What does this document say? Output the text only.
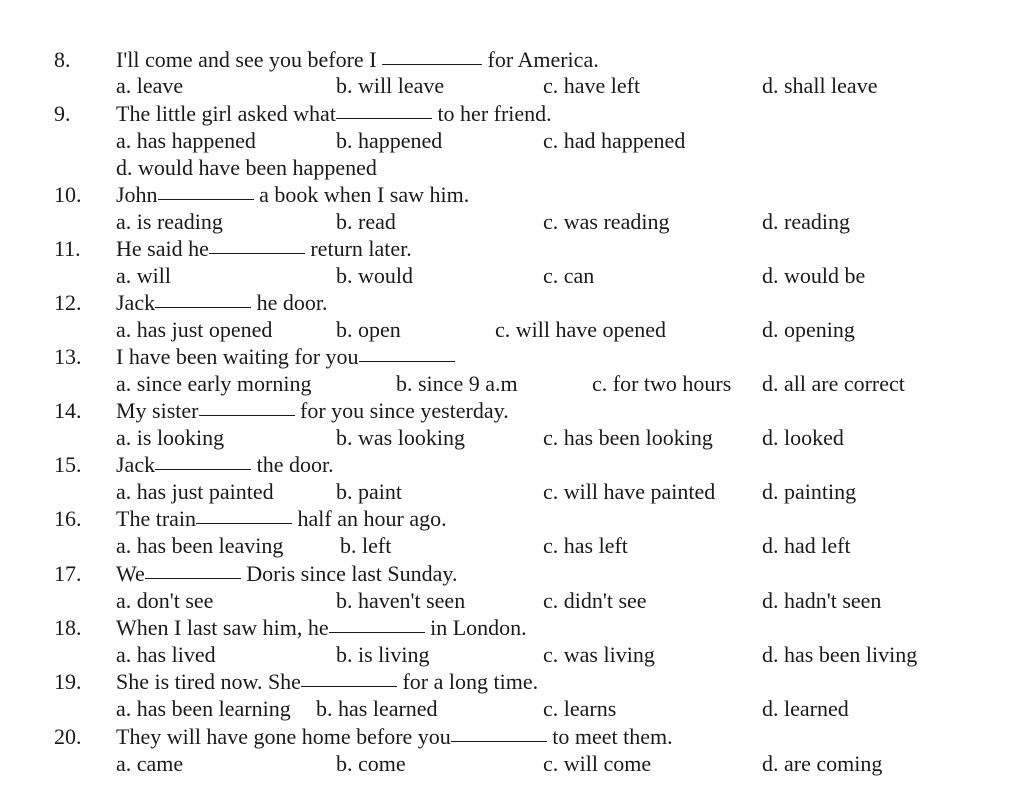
8. I'll come and see you before I	for America.
a. leave	b. will leave	c. have left	d. shall leave
9. The little girl asked what	to her friend.
a. has happened	b. happened	c. had happened
d. would have been happened
10. John	a book when I saw him.
a. is reading	b. read	c. was reading	d. reading
11. He said he	return later.
a. will	b. would	c. can	d. would be
12. Jack	he door.
a. has just opened	b. open	c. will have opened	d. opening
13. I have been waiting for you
a. since early morning	b. since 9 a.m	c. for two hours d. all are correct
14. My sister	for you since yesterday.
a. is looking	b. was looking	c. has been looking d. looked
15. Jack	the door.
a. has just painted	b. paint	c. will have painted d. painting
16. The train	half an hour ago.
a. has been leaving	b. left	c. has left	d. had left
17. We	Doris since last Sunday.
a. don't see	b. haven't seen	c. didn't see	d. hadn't seen
18. When I last saw him, he	in London.
a. has lived	b. is living	c. was living	d. has been living
19. She is tired now. She	for a long time.
a. has been learning b. has learned	c. learns	d. learned
20. They will have gone home before you	to meet them.
a. came	b. come	c. will come	d. are coming
